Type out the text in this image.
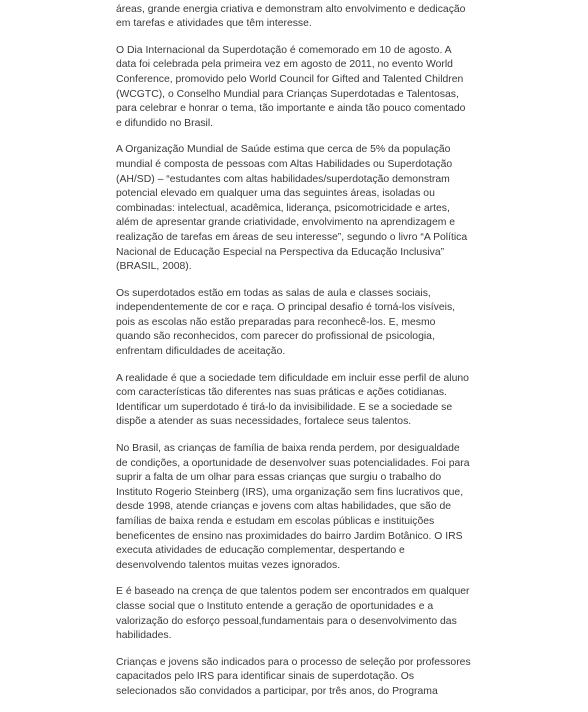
áreas, grande energia criativa e demonstram alto envolvimento e dedicação em tarefas e atividades que têm interesse.

O Dia Internacional da Superdotação é comemorado em 10 de agosto. A data foi celebrada pela primeira vez em agosto de 2011, no evento World Conference, promovido pelo World Council for Gifted and Talented Children (WCGTC), o Conselho Mundial para Crianças Superdotadas e Talentosas, para celebrar e honrar o tema, tão importante e ainda tão pouco comentado e difundido no Brasil.

A Organização Mundial de Saúde estima que cerca de 5% da população mundial é composta de pessoas com Altas Habilidades ou Superdotação (AH/SD) – “estudantes com altas habilidades/superdotação demonstram potencial elevado em qualquer uma das seguintes áreas, isoladas ou combinadas: intelectual, acadêmica, liderança, psicomotricidade e artes, além de apresentar grande criatividade, envolvimento na aprendizagem e realização de tarefas em áreas de seu interesse”, segundo o livro “A Política Nacional de Educação Especial na Perspectiva da Educação Inclusiva” (BRASIL, 2008).

Os superdotados estão em todas as salas de aula e classes sociais, independentemente de cor e raça. O principal desafio é torná-los visíveis, pois as escolas não estão preparadas para reconhecê-los. E, mesmo quando são reconhecidos, com parecer do profissional de psicologia, enfrentam dificuldades de aceitação.

A realidade é que a sociedade tem dificuldade em incluir esse perfil de aluno com características tão diferentes nas suas práticas e ações cotidianas. Identificar um superdotado é tirá-lo da invisibilidade. E se a sociedade se dispõe a atender as suas necessidades, fortalece seus talentos.

No Brasil, as crianças de família de baixa renda perdem, por desigualdade de condições, a oportunidade de desenvolver suas potencialidades. Foi para suprir a falta de um olhar para essas crianças que surgiu o trabalho do Instituto Rogerio Steinberg (IRS), uma organização sem fins lucrativos que, desde 1998, atende crianças e jovens com altas habilidades, que são de famílias de baixa renda e estudam em escolas públicas e instituições beneficentes de ensino nas proximidades do bairro Jardim Botânico. O IRS executa atividades de educação complementar, despertando e desenvolvendo talentos muitas vezes ignorados.

E é baseado na crença de que talentos podem ser encontrados em qualquer classe social que o Instituto entende a geração de oportunidades e a valorização do esforço pessoal,fundamentais para o desenvolvimento das habilidades.

Crianças e jovens são indicados para o processo de seleção por professores capacitados pelo IRS para identificar sinais de superdotação. Os selecionados são convidados a participar, por três anos, do Programa
